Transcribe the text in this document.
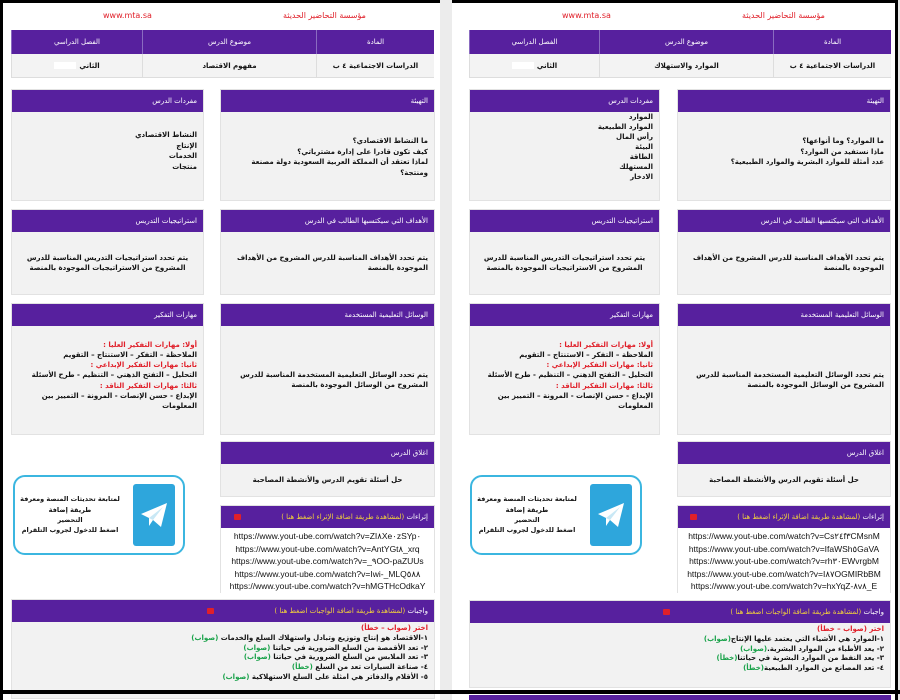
www.mta.sa	مؤسسة التحاضير الحديثة
المادة
موضوع الدرس
الفصل الدراسي
الدراسات الاجتماعية ٤ ب
مفهوم الاقتصاد
الثاني
التهيئة
ما النشاط الاقتصادي؟
كيف تكون قادرا على إدارة مشترياتي؟
لماذا تعتقد أن المملكة العربية السعودية دولة مصنعة ومنتجة؟
مفردات الدرس
النشاط الاقتصادي
الإنتاج
الخدمات
منتجات
الأهداف التي سيكتسبها الطالب في الدرس
يتم تحدد الأهداف المناسبة للدرس المشروح من الأهداف الموجودة بالمنصة
استراتيجيات التدريس
يتم تحدد استراتيجيات التدريس المناسبة للدرس المشروح من الاستراتيجيات الموجودة بالمنصة
الوسائل التعليمية المستخدمة
يتم تحدد الوسائل التعليمية المستخدمة المناسبة للدرس المشروح من الوسائل الموجودة بالمنصة
مهارات التفكير
أولا: مهارات التفكير العليا :
الملاحظة – التفكر – الاستنتاج – التقويم
ثانيا: مهارات التفكير الإبداعي :
التحليل – التفتح الذهني – التنظيم - طرح الأسئلة
ثالثا: مهارات التفكير الناقد :
الإبداع - حسن الإنصات - المرونة – التمييز بين المعلومات
اغلاق الدرس
حل أسئلة تقويم الدرس والأنشطة المصاحبة
لمتابعة تحديثات المنصة ومعرفة طريقة إضافة
التحضير
اضغط للدخول لجروب التلقرام
إثراءات

(لمشاهدة طريقة اضافة الإثراء اضغط هنا )
https://www.yout-ube.com/watch?v=ZI٨Xe٠zSYp٠
https://www.yout-ube.com/watch?v=AntYGt٨_xrq
https://www.yout-ube.com/watch?v=_٩OO-paZUUs
https://www.yout-ube.com/watch?v=Iwi-_MLQ٥٨٨
https://www.yout-ube.com/watch?v=hMGTHcOdkaY
واجبات

(لمشاهدة طريقة اضافة الواجبات اضغط هنا )
اختر (صواب – خطأ)
١-الاقتصاد هو إنتاج وتوزيع وتبادل واستهلاك السلع والخدمات (صواب)
٢- تعد الأقمصة من السلع الضرورية في حياتنا (صواب)
٣- تعد الملابس من السلع الضرورية في حياتنا (صواب)
٤- صناعة السيارات تعد من السلع (خطأ)
٥- الأقلام والدفاتر هي امثلة على السلع الاستهلاكية (صواب)
www.mta.sa	مؤسسة التحاضير الحديثة
المادة
موضوع الدرس
الفصل الدراسي
الدراسات الاجتماعية ٤ ب
الموارد والاستهلاك
الثاني
التهيئة
ما الموارد؟ وما أنواعها؟
ماذا نستفيد من الموارد؟
عدد أمثلة للموارد البشرية والموارد الطبيعية؟
مفردات الدرس
الموارد
الموارد الطبيعية
رأس المال
البيئة
الطاقة
المستهلك
الادخار
الأهداف التي سيكتسبها الطالب في الدرس
يتم تحدد الأهداف المناسبة للدرس المشروح من الأهداف الموجودة بالمنصة
استراتيجيات التدريس
يتم تحدد استراتيجيات التدريس المناسبة للدرس المشروح من الاستراتيجيات الموجودة بالمنصة
الوسائل التعليمية المستخدمة
يتم تحدد الوسائل التعليمية المستخدمة المناسبة للدرس المشروح من الوسائل الموجودة بالمنصة
مهارات التفكير
أولا: مهارات التفكير العليا :
الملاحظة – التفكر – الاستنتاج – التقويم
ثانيا: مهارات التفكير الإبداعي :
التحليل – التفتح الذهني – التنظيم - طرح الأسئلة
ثالثا: مهارات التفكير الناقد :
الإبداع - حسن الإنصات - المرونة – التمييز بين المعلومات
اغلاق الدرس
حل أسئلة تقويم الدرس والأنشطة المصاحبة
لمتابعة تحديثات المنصة ومعرفة طريقة إضافة
التحضير
اضغط للدخول لجروب التلقرام
إثراءات

(لمشاهدة طريقة اضافة الإثراء اضغط هنا )
https://www.yout-ube.com/watch?v=Cs٢٤f٣CMsnM
https://www.yout-ube.com/watch?v=IfaWSh٥GaVA
https://www.yout-ube.com/watch?v=rh٣٠EWvrgbM
https://www.yout-ube.com/watch?v=I٨٧OGMIRbBM
https://www.yout-ube.com/watch?v=hxYqZ-٨v٨_E
واجبات

(لمشاهدة طريقة اضافة الواجبات اضغط هنا )
اختر (صواب – خطأ)
١-الموارد هي الأشياء التي يعتمد عليها الإنتاج(صواب)
٢- يعد الأطباء من الموارد البشرية.(صواب)
٣- يعد النفط من الموارد البشرية في حياتنا(خطأ)
٤- تعد المصانع من الموارد الطبيعية(خطأ)
